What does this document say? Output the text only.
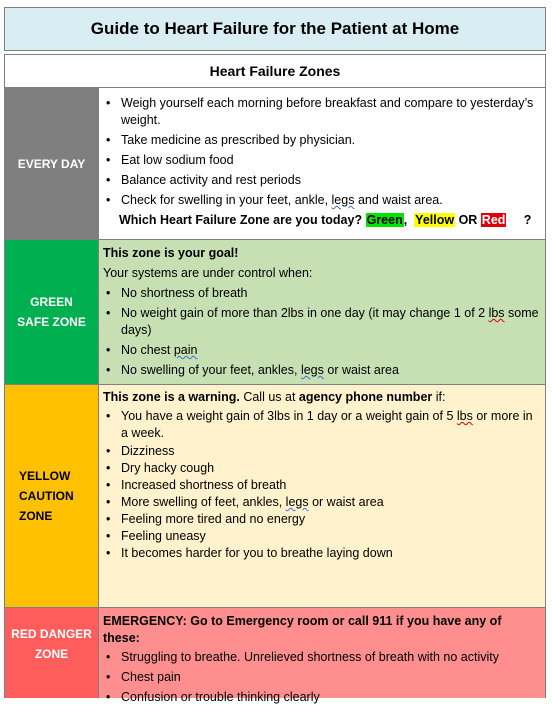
Guide to Heart Failure for the Patient at Home
Heart Failure Zones
EVERY DAY
• Weigh yourself each morning before breakfast and compare to yesterday’s weight.
• Take medicine as prescribed by physician.
• Eat low sodium food
• Balance activity and rest periods
• Check for swelling in your feet, ankle, legs and waist area.
Which Heart Failure Zone are you today? Green, Yellow OR Red ?
GREEN
SAFE ZONE
This zone is your goal!
Your systems are under control when:
• No shortness of breath
• No weight gain of more than 2lbs in one day (it may change 1 of 2 lbs some days)
• No chest pain
• No swelling of your feet, ankles, legs or waist area
YELLOW
CAUTION
ZONE
This zone is a warning. Call us at agency phone number if:
• You have a weight gain of 3lbs in 1 day or a weight gain of 5 lbs or more in a week.
• Dizziness
• Dry hacky cough
• Increased shortness of breath
• More swelling of feet, ankles, legs or waist area
• Feeling more tired and no energy
• Feeling uneasy
• It becomes harder for you to breathe laying down
RED DANGER
ZONE
EMERGENCY: Go to Emergency room or call 911 if you have any of these:
• Struggling to breathe. Unrelieved shortness of breath with no activity
• Chest pain
• Confusion or trouble thinking clearly
